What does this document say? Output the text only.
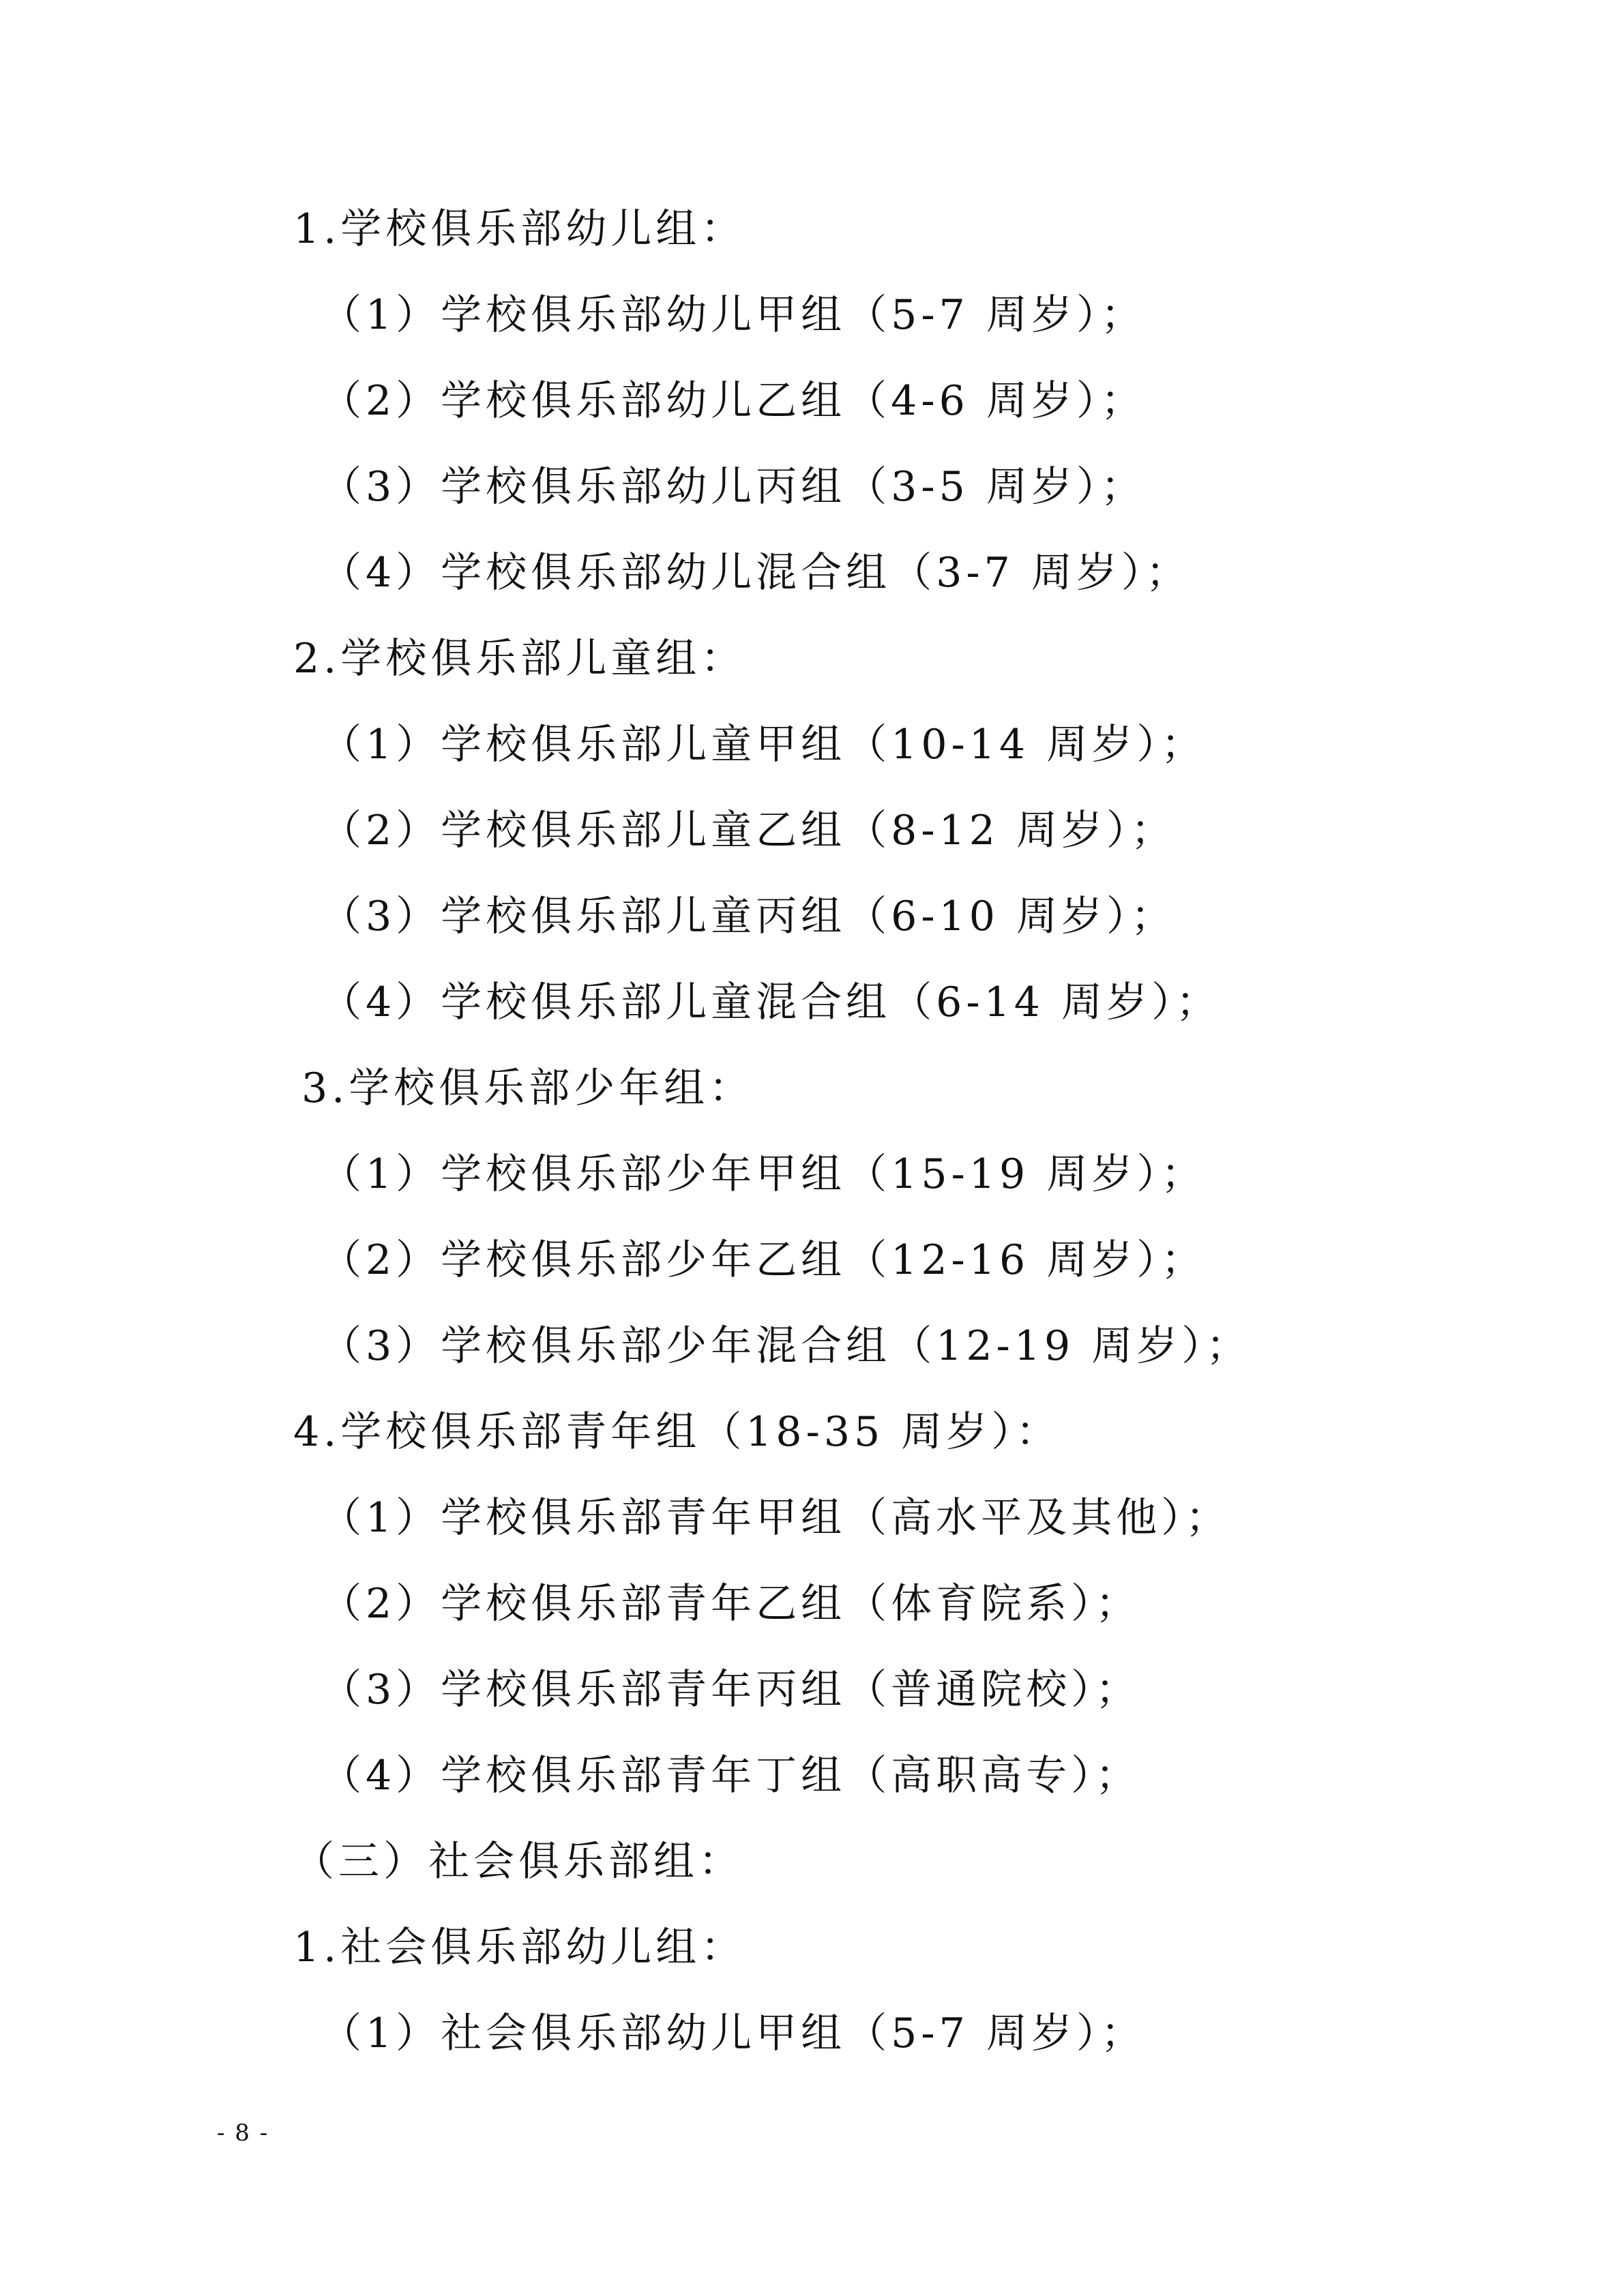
1.学校俱乐部幼儿组：
（1）学校俱乐部幼儿甲组（5-7 周岁）；
（2）学校俱乐部幼儿乙组（4-6 周岁）；
（3）学校俱乐部幼儿丙组（3-5 周岁）；
（4）学校俱乐部幼儿混合组（3-7 周岁）；
2.学校俱乐部儿童组：
（1）学校俱乐部儿童甲组（10-14 周岁）；
（2）学校俱乐部儿童乙组（8-12 周岁）；
（3）学校俱乐部儿童丙组（6-10 周岁）；
（4）学校俱乐部儿童混合组（6-14 周岁）；
3.学校俱乐部少年组：
（1）学校俱乐部少年甲组（15-19 周岁）；
（2）学校俱乐部少年乙组（12-16 周岁）；
（3）学校俱乐部少年混合组（12-19 周岁）；
4.学校俱乐部青年组（18-35 周岁）：
（1）学校俱乐部青年甲组（高水平及其他）；
（2）学校俱乐部青年乙组（体育院系）；
（3）学校俱乐部青年丙组（普通院校）；
（4）学校俱乐部青年丁组（高职高专）；
（三）社会俱乐部组：
1.社会俱乐部幼儿组：
（1）社会俱乐部幼儿甲组（5-7 周岁）；
- 8 -
